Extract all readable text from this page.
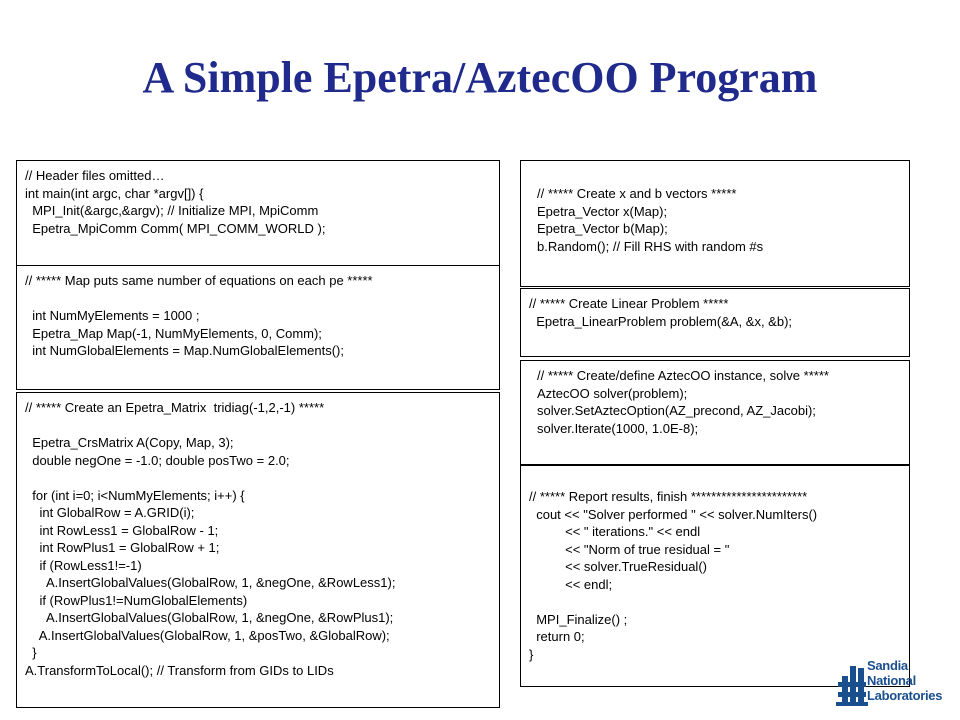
A Simple Epetra/AztecOO Program
// Header files omitted…
int main(int argc, char *argv[]) {
MPI_Init(&argc,&argv); // Initialize MPI, MpiComm
Epetra_MpiComm Comm( MPI_COMM_WORLD );
// ***** Map puts same number of equations on each pe *****
int NumMyElements = 1000 ;
Epetra_Map Map(-1, NumMyElements, 0, Comm);
int NumGlobalElements = Map.NumGlobalElements();
// ***** Create an Epetra_Matrix  tridiag(-1,2,-1) *****
Epetra_CrsMatrix A(Copy, Map, 3);
double negOne = -1.0; double posTwo = 2.0;
for (int i=0; i<NumMyElements; i++) {
int GlobalRow = A.GRID(i);
int RowLess1 = GlobalRow - 1;
int RowPlus1 = GlobalRow + 1;
if (RowLess1!=-1)
A.InsertGlobalValues(GlobalRow, 1, &negOne, &RowLess1);
if (RowPlus1!=NumGlobalElements)
A.InsertGlobalValues(GlobalRow, 1, &negOne, &RowPlus1);
A.InsertGlobalValues(GlobalRow, 1, &posTwo, &GlobalRow);
}
A.TransformToLocal(); // Transform from GIDs to LIDs
// ***** Create x and b vectors *****
Epetra_Vector x(Map);
Epetra_Vector b(Map);
b.Random(); // Fill RHS with random #s
// ***** Create Linear Problem *****
Epetra_LinearProblem problem(&A, &x, &b);
// ***** Create/define AztecOO instance, solve *****
AztecOO solver(problem);
solver.SetAztecOption(AZ_precond, AZ_Jacobi);
solver.Iterate(1000, 1.0E-8);
// ***** Report results, finish ***********************
cout << "Solver performed " << solver.NumIters()
<< " iterations." << endl
<< "Norm of true residual = "
<< solver.TrueResidual()
<< endl;
MPI_Finalize() ;
return 0;
}
Sandia
National
Laboratories
